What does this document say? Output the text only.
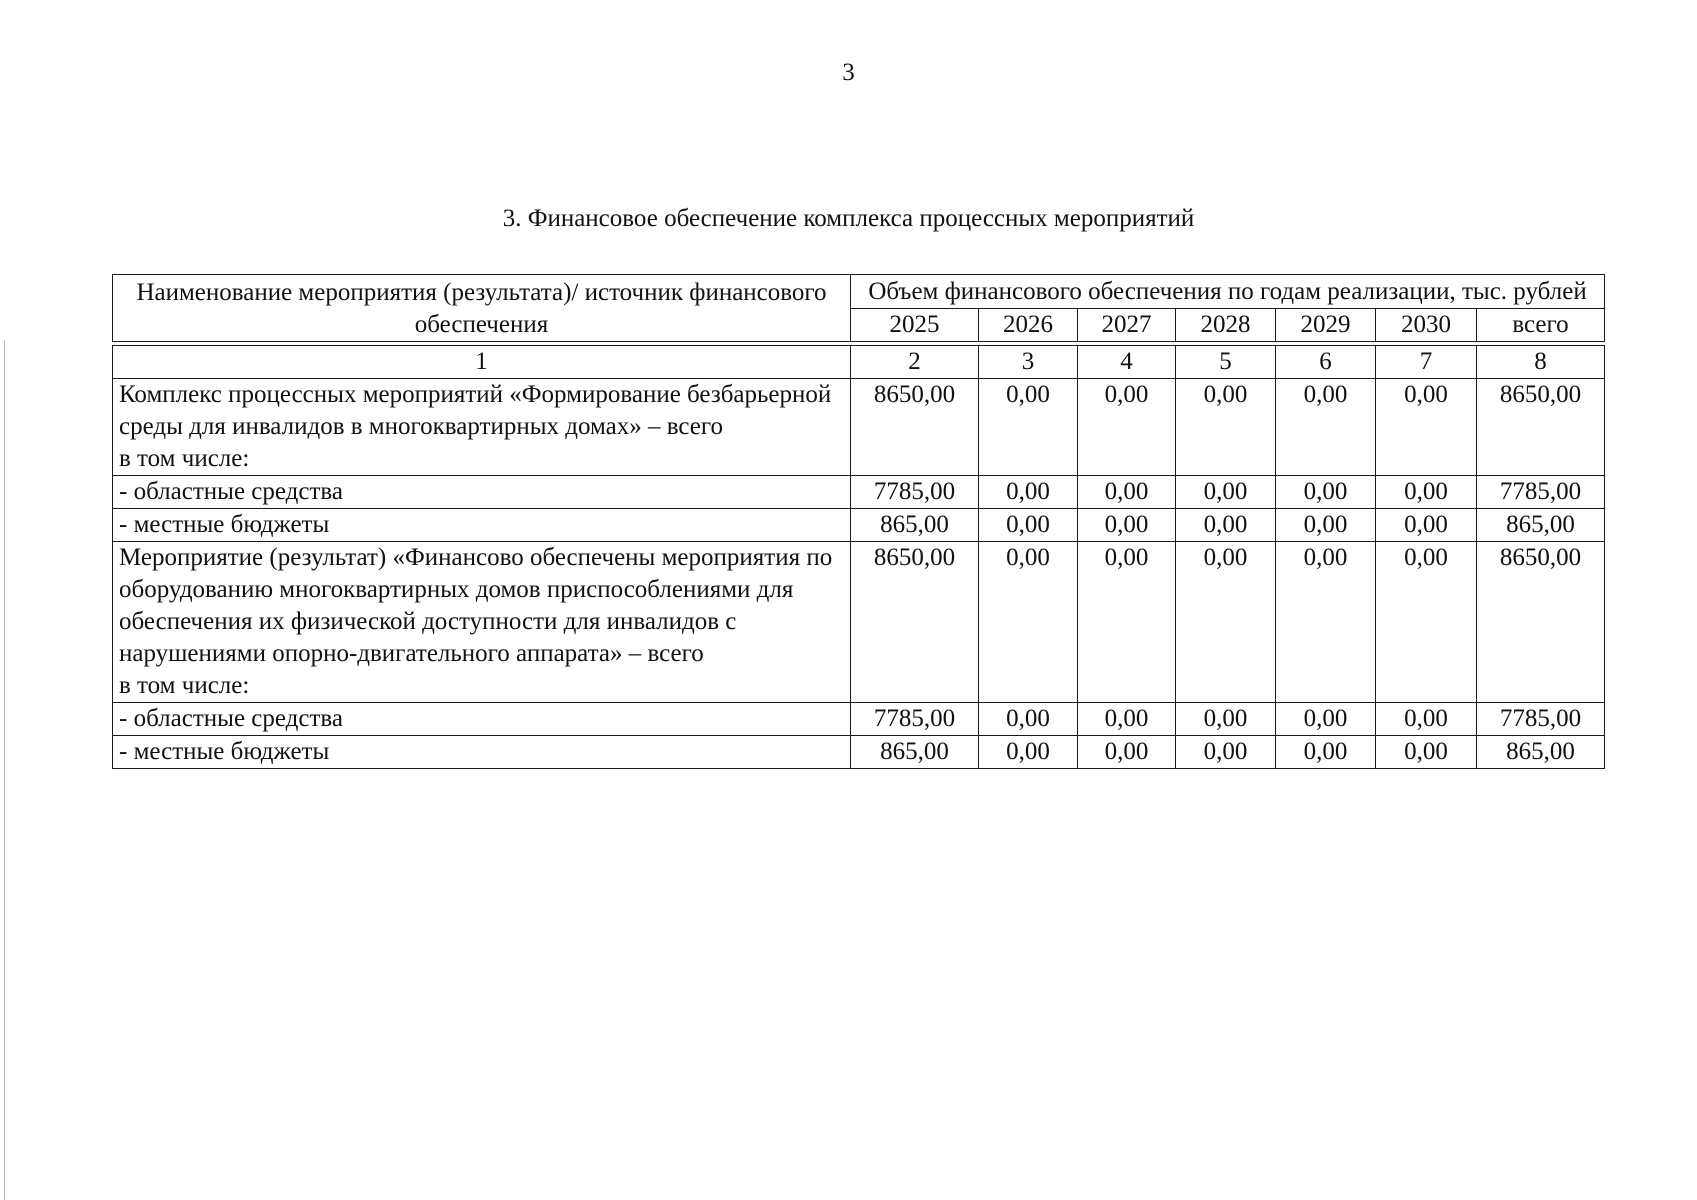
3
3. Финансовое обеспечение комплекса процессных мероприятий
Наименование мероприятия (результата)/ источник финансового обеспечения	Объем финансового обеспечения по годам реализации, тыс. рублей						
	2025	2026	2027	2028	2029	2030	всего

1	2	3	4	5	6	7	8
Комплекс процессных мероприятий «Формирование безбарьерной среды для инвалидов в многоквартирных домах» – всего
в том числе:	8650,00	0,00	0,00	0,00	0,00	0,00	8650,00
- областные средства	7785,00	0,00	0,00	0,00	0,00	0,00	7785,00
- местные бюджеты	865,00	0,00	0,00	0,00	0,00	0,00	865,00
Мероприятие (результат) «Финансово обеспечены мероприятия по оборудованию многоквартирных домов приспособлениями для обеспечения их физической доступности для инвалидов с нарушениями опорно-двигательного аппарата» – всего
в том числе:	8650,00	0,00	0,00	0,00	0,00	0,00	8650,00
- областные средства	7785,00	0,00	0,00	0,00	0,00	0,00	7785,00
- местные бюджеты	865,00	0,00	0,00	0,00	0,00	0,00	865,00
